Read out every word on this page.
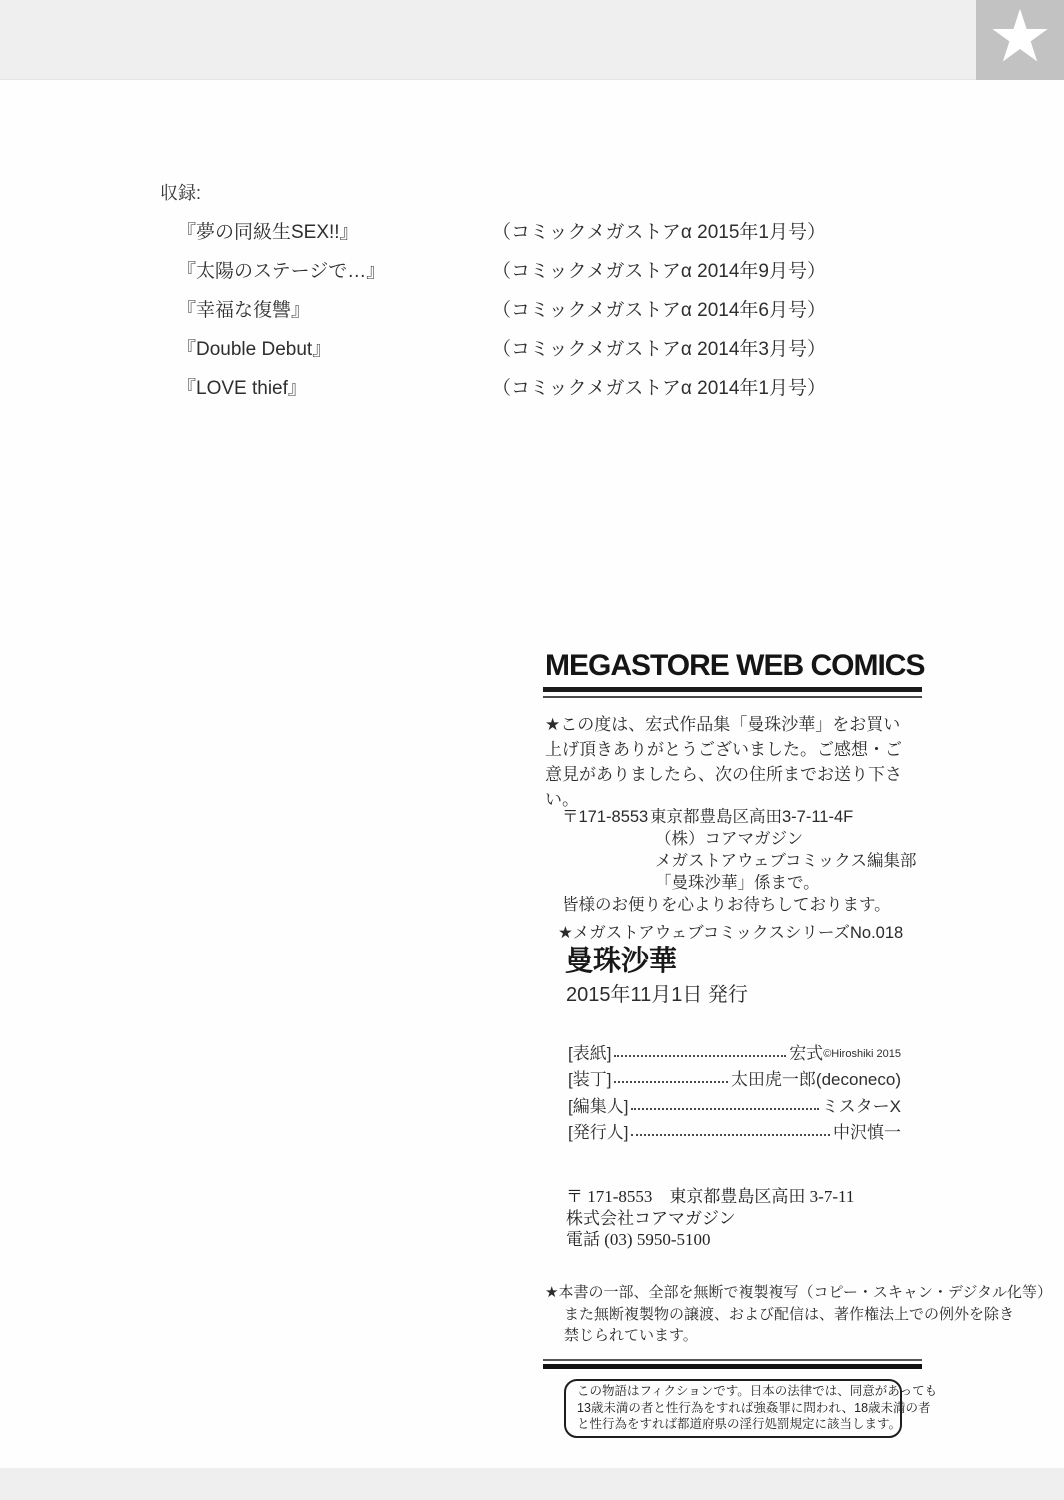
★
収録:
『夢の同級生SEX!!』	（コミックメガストアα 2015年1月号）
『太陽のステージで…』	（コミックメガストアα 2014年9月号）
『幸福な復讐』	（コミックメガストアα 2014年6月号）
『Double Debut』	（コミックメガストアα 2014年3月号）
『LOVE thief』	（コミックメガストアα 2014年1月号）
MEGASTORE WEB COMICS
★この度は、宏式作品集「曼珠沙華」をお買い
上げ頂きありがとうございました。ご感想・ご
意見がありましたら、次の住所までお送り下さ
い。
〒171-8553 東京都豊島区高田3-7-11-4F
（株）コアマガジン
メガストアウェブコミックス編集部
「曼珠沙華」係まで。
皆様のお便りを心よりお待ちしております。
★メガストアウェブコミックスシリーズNo.018
曼珠沙華
2015年11月1日 発行
[表紙]	宏式 ©Hiroshiki 2015
[装丁]	太田虎一郎(deconeco)
[編集人]	ミスターX
[発行人]	中沢慎一
〒 171-8553　東京都豊島区高田 3-7-11
株式会社コアマガジン
電話 (03) 5950-5100
★本書の一部、全部を無断で複製複写（コピー・スキャン・デジタル化等）
また無断複製物の譲渡、および配信は、著作権法上での例外を除き
禁じられています。
この物語はフィクションです。日本の法律では、同意があっても
13歳未満の者と性行為をすれば強姦罪に問われ、18歳未満の者
と性行為をすれば都道府県の淫行処罰規定に該当します。
